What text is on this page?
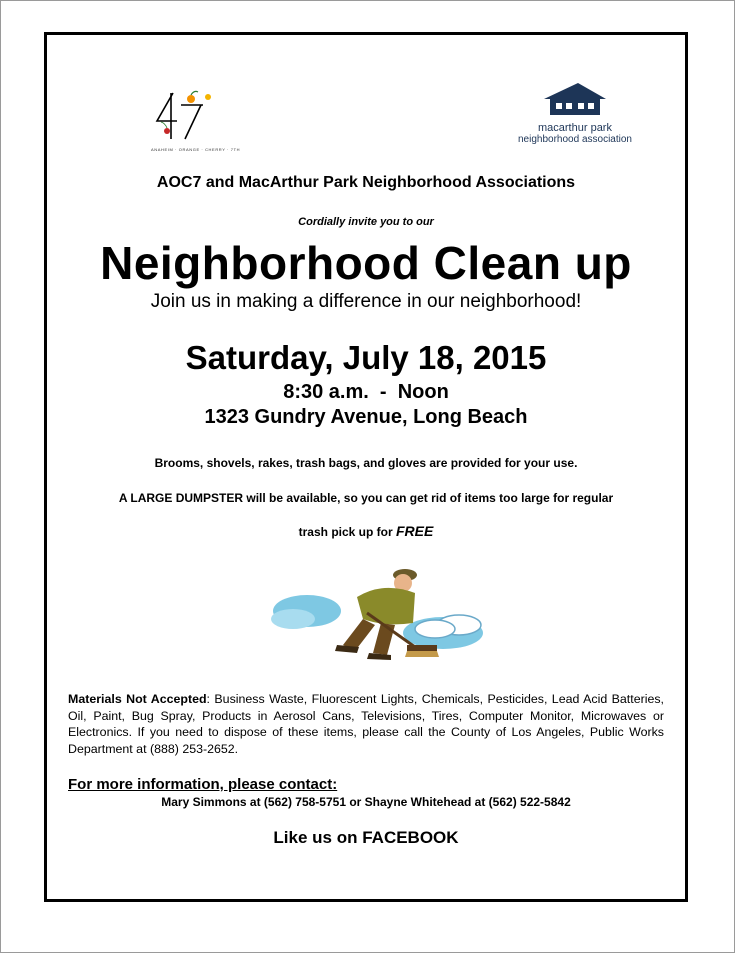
ANAHEIM · ORANGE · CHERRY · 7TH
macarthur park
neighborhood association
AOC7 and MacArthur Park Neighborhood Associations
Cordially invite you to our
Neighborhood Clean up
Join us in making a difference in our neighborhood!
Saturday, July 18, 2015
8:30 a.m.  -  Noon
1323 Gundry Avenue, Long Beach
Brooms, shovels, rakes, trash bags, and gloves are provided for your use.
A LARGE DUMPSTER will be available, so you can get rid of items too large for regular
trash pick up for FREE
Materials Not Accepted: Business Waste, Fluorescent Lights, Chemicals, Pesticides, Lead Acid Batteries, Oil, Paint, Bug Spray, Products in Aerosol Cans, Televisions, Tires, Computer Monitor, Microwaves or Electronics. If you need to dispose of these items, please call the County of Los Angeles, Public Works Department at (888) 253-2652.
For more information, please contact:
Mary Simmons at (562) 758-5751 or Shayne Whitehead at (562) 522-5842
Like us on FACEBOOK
